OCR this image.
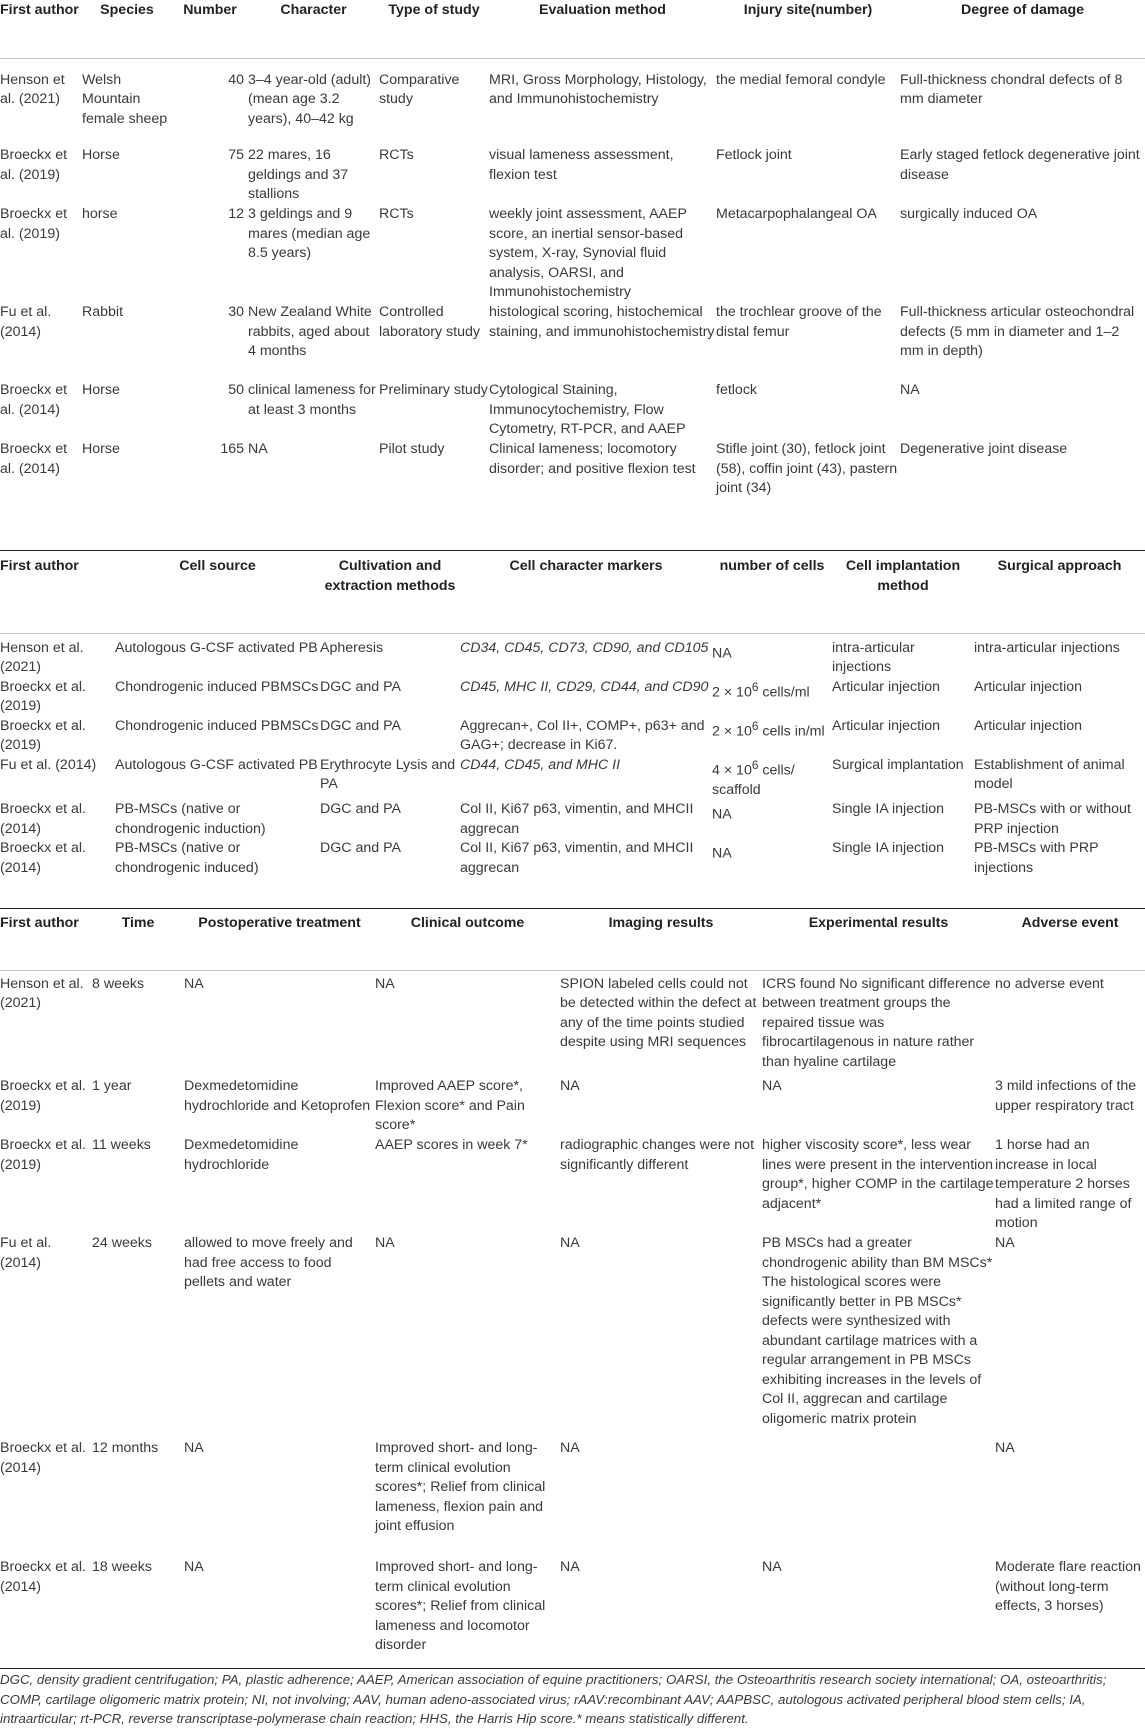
First author	Species	Number	Character	Type of study	Evaluation method	Injury site(number)	Degree of damage
Henson et al. (2021)	Welsh Mountain female sheep	40	3–4 year-old (adult) (mean age 3.2 years), 40–42 kg	Comparative study	MRI, Gross Morphology, Histology, and Immunohistochemistry	the medial femoral condyle	Full-thickness chondral defects of 8 mm diameter
Broeckx et al. (2019)	Horse	75	22 mares, 16 geldings and 37 stallions	RCTs	visual lameness assessment, flexion test	Fetlock joint	Early staged fetlock degenerative joint disease
Broeckx et al. (2019)	horse	12	3 geldings and 9 mares (median age 8.5 years)	RCTs	weekly joint assessment, AAEP score, an inertial sensor-based system, X-ray, Synovial fluid analysis, OARSI, and Immunohistochemistry	Metacarpophalangeal OA	surgically induced OA
Fu et al. (2014)	Rabbit	30	New Zealand White rabbits, aged about 4 months	Controlled laboratory study	histological scoring, histochemical staining, and immunohistochemistry	the trochlear groove of the distal femur	Full-thickness articular osteochondral defects (5 mm in diameter and 1–2 mm in depth)
Broeckx et al. (2014)	Horse	50	clinical lameness for at least 3 months	Preliminary study	Cytological Staining, Immunocytochemistry, Flow Cytometry, RT-PCR, and AAEP	fetlock	NA
Broeckx et al. (2014)	Horse	165	NA	Pilot study	Clinical lameness; locomotory disorder; and positive flexion test	Stifle joint (30), fetlock joint (58), coffin joint (43), pastern joint (34)	Degenerative joint disease
First author	Cell source	Cultivation and extraction methods	Cell character markers	number of cells	Cell implantation method	Surgical approach
Henson et al. (2021)	Autologous G-CSF activated PB	Apheresis	CD34, CD45, CD73, CD90, and CD105	NA	intra-articular injections	intra-articular injections
Broeckx et al. (2019)	Chondrogenic induced PBMSCs	DGC and PA	CD45, MHC II, CD29, CD44, and CD90	$2 \times 10^6$ cells/ml	Articular injection	Articular injection
Broeckx et al. (2019)	Chondrogenic induced PBMSCs	DGC and PA	Aggrecan+, Col II+, COMP+, p63+ and GAG+; decrease in Ki67.	$2 \times 10^6$ cells in/ml	Articular injection	Articular injection
Fu et al. (2014)	Autologous G-CSF activated PB	Erythrocyte Lysis and PA	CD44, CD45, and MHC II	$4 \times 10^6$ cells/ scaffold	Surgical implantation	Establishment of animal model
Broeckx et al. (2014)	PB-MSCs (native or chondrogenic induction)	DGC and PA	Col II, Ki67 p63, vimentin, and MHCII aggrecan	NA	Single IA injection	PB-MSCs with or without PRP injection
Broeckx et al. (2014)	PB-MSCs (native or chondrogenic induced)	DGC and PA	Col II, Ki67 p63, vimentin, and MHCII aggrecan	NA	Single IA injection	PB-MSCs with PRP injections
First author	Time	Postoperative treatment	Clinical outcome	Imaging results	Experimental results	Adverse event
Henson et al. (2021)	8 weeks	NA	NA	SPION labeled cells could not be detected within the defect at any of the time points studied despite using MRI sequences	ICRS found No significant difference between treatment groups the repaired tissue was fibrocartilagenous in nature rather than hyaline cartilage	no adverse event
Broeckx et al. (2019)	1 year	Dexmedetomidine hydrochloride and Ketoprofen	Improved AAEP score*, Flexion score* and Pain score*	NA	NA	3 mild infections of the upper respiratory tract
Broeckx et al. (2019)	11 weeks	Dexmedetomidine hydrochloride	AAEP scores in week 7*	radiographic changes were not significantly different	higher viscosity score*, less wear lines were present in the intervention group*, higher COMP in the cartilage adjacent*	1 horse had an increase in local temperature 2 horses had a limited range of motion
Fu et al. (2014)	24 weeks	allowed to move freely and had free access to food pellets and water	NA	NA	PB MSCs had a greater chondrogenic ability than BM MSCs* The histological scores were significantly better in PB MSCs* defects were synthesized with abundant cartilage matrices with a regular arrangement in PB MSCs exhibiting increases in the levels of Col II, aggrecan and cartilage oligomeric matrix protein	NA
Broeckx et al. (2014)	12 months	NA	Improved short- and long-term clinical evolution scores*; Relief from clinical lameness, flexion pain and joint effusion	NA		NA
Broeckx et al. (2014)	18 weeks	NA	Improved short- and long-term clinical evolution scores*; Relief from clinical lameness and locomotor disorder	NA	NA	Moderate flare reaction (without long-term effects, 3 horses)
DGC, density gradient centrifugation; PA, plastic adherence; AAEP, American association of equine practitioners; OARSI, the Osteoarthritis research society international; OA, osteoarthritis; COMP, cartilage oligomeric matrix protein; NI, not involving; AAV, human adeno-associated virus; rAAV:recombinant AAV; AAPBSC, autologous activated peripheral blood stem cells; IA, intraarticular; rt-PCR, reverse transcriptase-polymerase chain reaction; HHS, the Harris Hip score.* means statistically different.
